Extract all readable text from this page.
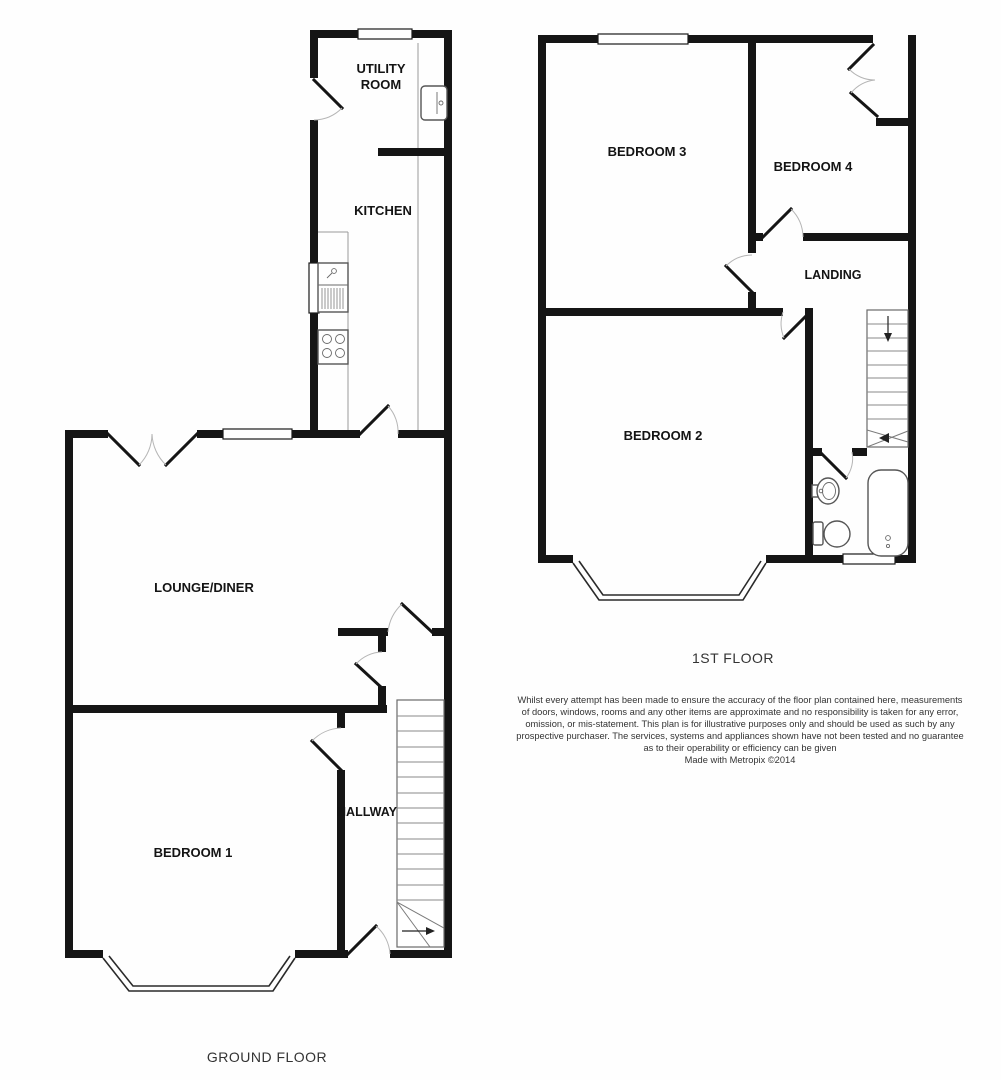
UTILITY
ROOM
KITCHEN
LOUNGE/DINER
HALLWAY
BEDROOM 1
GROUND FLOOR
BEDROOM 3
BEDROOM 4
LANDING
BEDROOM 2
1ST FLOOR
Whilst every attempt has been made to ensure the accuracy of the floor plan contained here, measurements
of doors, windows, rooms and any other items are approximate and no responsibility is taken for any error,
omission, or mis-statement. This plan is for illustrative purposes only and should be used as such by any
prospective purchaser. The services, systems and appliances shown have not been tested and no guarantee
as to their operability or efficiency can be given
Made with Metropix ©2014
